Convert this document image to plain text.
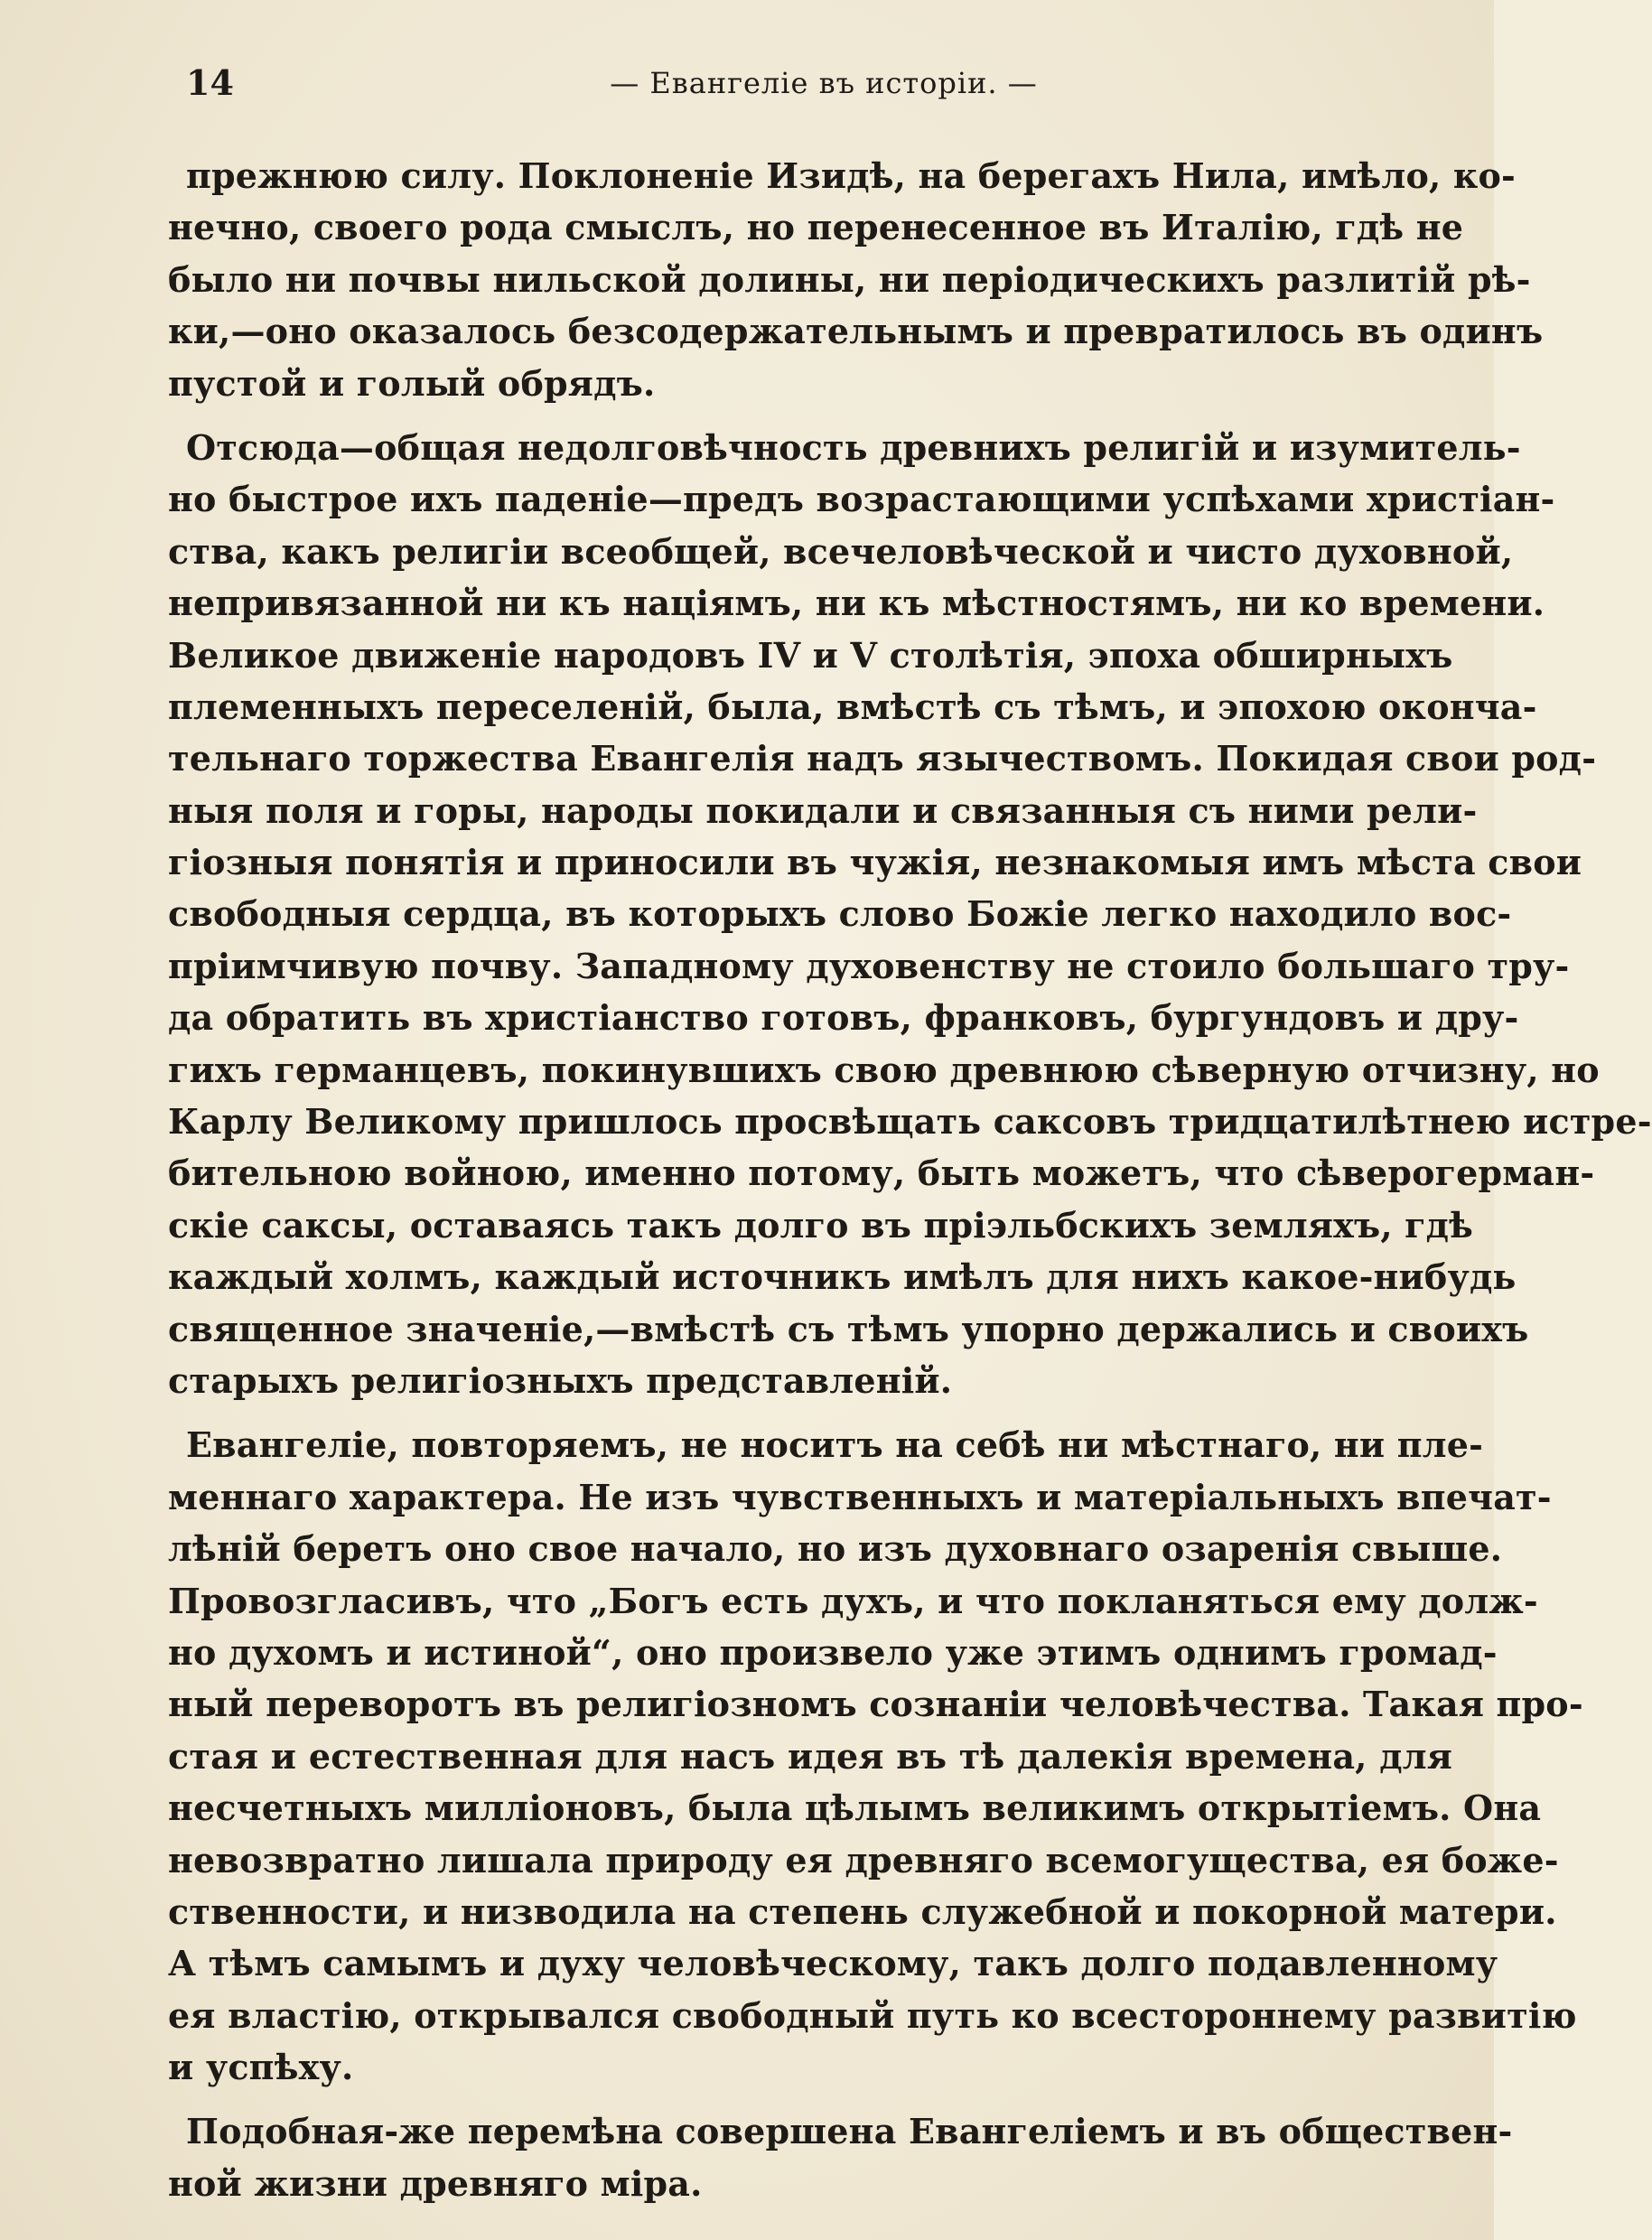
14	— Евангелie въ исторiи. —
прежнюю силу. Поклоненiе Изидѣ, на берегахъ Нила, имѣло, ко-
нечно, своего рода смыслъ, но перенесенное въ Италiю, гдѣ не
было ни почвы нильской долины, ни перiодическихъ разлитiй рѣ-
ки,—оно оказалось безсодержательнымъ и превратилось въ одинъ
пустой и голый обрядъ.
Отсюда—общая недолговѣчность древнихъ религiй и изумитель-
но быстрое ихъ паденiе—предъ возрастающими успѣхами христiан-
ства, какъ религiи всеобщей, всечеловѣческой и чисто духовной,
непривязанной ни къ нацiямъ, ни къ мѣстностямъ, ни ко времени.
Великое движенiе народовъ IV и V столѣтiя, эпоха обширныхъ
племенныхъ переселенiй, была, вмѣстѣ съ тѣмъ, и эпохою оконча-
тельнаго торжества Евангелiя надъ язычествомъ. Покидая свои род-
ныя поля и горы, народы покидали и связанныя съ ними рели-
гiозныя понятiя и приносили въ чужiя, незнакомыя имъ мѣста свои
свободныя сердца, въ которыхъ слово Божiе легко находило вос-
прiимчивую почву. Западному духовенству не стоило большаго тру-
да обратить въ христiанство готовъ, франковъ, бургундовъ и дру-
гихъ германцевъ, покинувшихъ свою древнюю сѣверную отчизну, но
Карлу Великому пришлось просвѣщать саксовъ тридцатилѣтнею истре-
бительною войною, именно потому, быть можетъ, что сѣверогерман-
скiе саксы, оставаясь такъ долго въ прiэльбскихъ земляхъ, гдѣ
каждый холмъ, каждый источникъ имѣлъ для нихъ какое-нибудь
священное значенiе,—вмѣстѣ съ тѣмъ упорно держались и своихъ
старыхъ религiозныхъ представленiй.
Евангелiе, повторяемъ, не носитъ на себѣ ни мѣстнаго, ни пле-
меннаго характера. Не изъ чувственныхъ и матерiальныхъ впечат-
лѣнiй беретъ оно свое начало, но изъ духовнаго озаренiя свыше.
Провозгласивъ, что „Богъ есть духъ, и что покланяться ему долж-
но духомъ и истиной“, оно произвело уже этимъ однимъ громад-
ный переворотъ въ религiозномъ сознанiи человѣчества. Такая про-
стая и естественная для насъ идея въ тѣ далекiя времена, для
несчетныхъ миллiоновъ, была цѣлымъ великимъ открытiемъ. Она
невозвратно лишала природу ея древняго всемогущества, ея боже-
ственности, и низводила на степень служебной и покорной матери.
А тѣмъ самымъ и духу человѣческому, такъ долго подавленному
ея властiю, открывался свободный путь ко всестороннему развитiю
и успѣху.
Подобная-же перемѣна совершена Евангелiемъ и въ обществен-
ной жизни древняго мiра.
